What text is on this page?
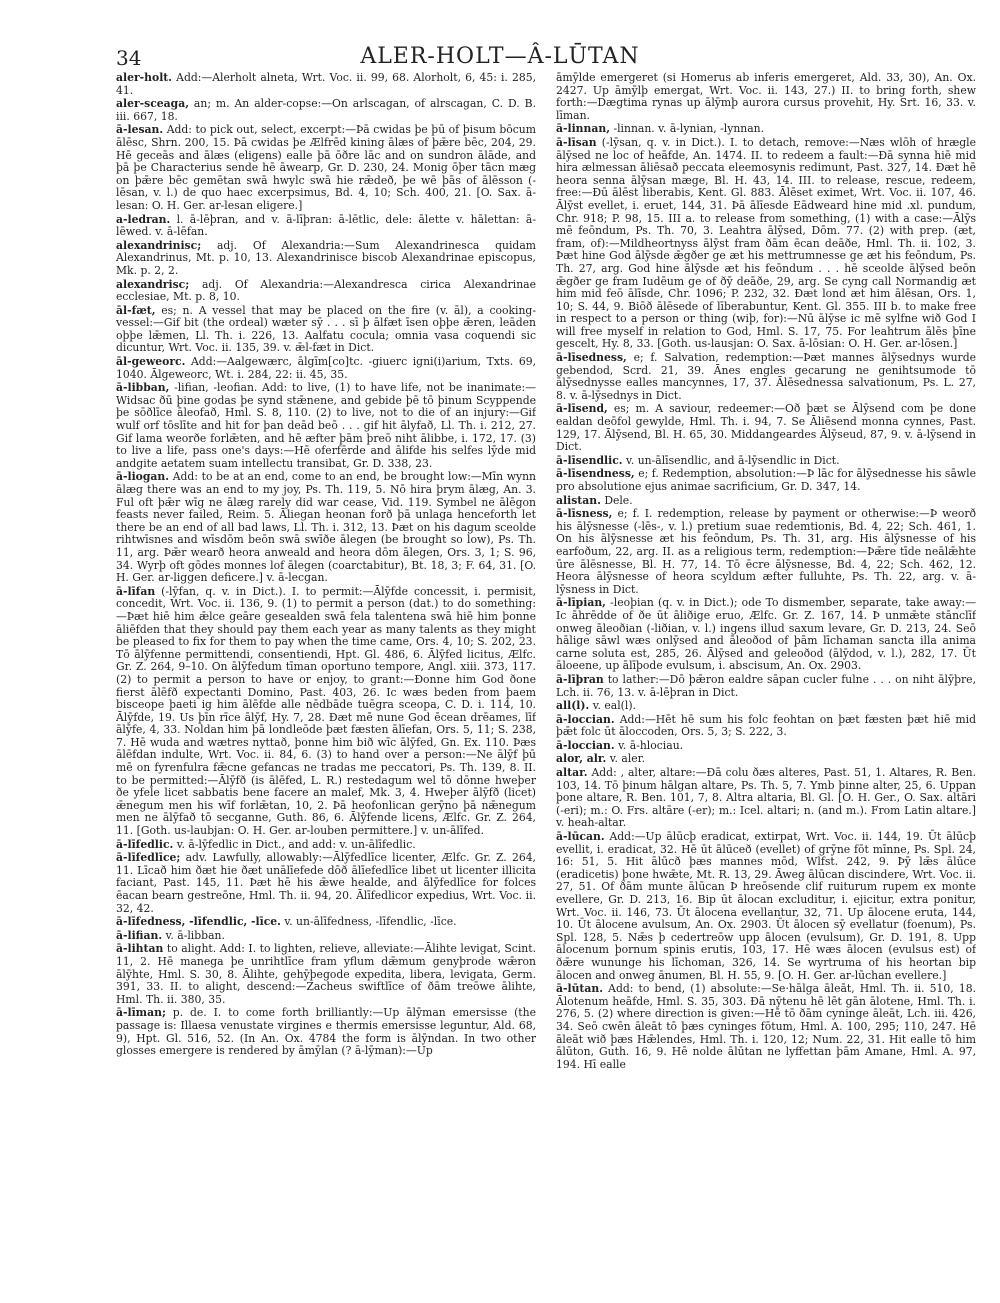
34	ALER-HOLT—Â-LŪTAN

aler-holt. Add:—Alerholt alneta, Wrt. Voc. ii. 99, 68. Alorholt, 6, 45: i. 285, 41.

aler-sceaga, an; m. An alder-copse:—On arlscagan, of alrscagan, C. D. B. iii. 667, 18.

ā-lesan. Add: to pick out, select, excerpt:—Þā cwidas þe þū of þisum bōcum ālēsc, Shrn. 200, 15. Þā cwidas þe Ælfrēd kining ālæs of þǣre bēc, 204, 29. Hē geceās and ālæs (eligens) ealle þā ōðre lāc and on sundron ālāde, and þā þe Characterius sende hē āwearp, Gr. D. 230, 24. Monig ōþer tācn mæg on þǣre bēc gemētan swā hwylc swā hie rǣdeð, þe wē þās of ālēsson (-lēsan, v. l.) de quo haec excerpsimus, Bd. 4, 10; Sch. 400, 21. [O. Sax. ā-lesan: O. H. Ger. ar-lesan eligere.]

a-ledran. l. ā-lēþran, and v. ā-līþran: ā-lētlic, dele: ālette v. hālettan: ā-lēwed. v. ā-lēfan.

alexandrinisc; adj. Of Alexandria:—Sum Alexandrinesca quidam Alexandrinus, Mt. p. 10, 13. Alexandrinisce biscob Alexandrinae episcopus, Mk. p. 2, 2.

alexandrisc; adj. Of Alexandria:—Alexandresca cirica Alexandrinae ecclesiae, Mt. p. 8, 10.

āl-fæt, es; n. A vessel that may be placed on the fire (v. āl), a cooking-vessel:—Gif bit (the ordeal) wæter sȳ . . . sī þ ālfæt īsen oþþe ǣren, leāden oþþe lǣmen, Ll. Th. i. 226, 13. Aalfatu cocula; omnia vasa coquendi sic dicuntur, Wrt. Voc. ii. 135, 39. v. ǣl-fæt in Dict.

āl-geweorc. Add:—Aalgewærc, ālgīm[co]tc. -giuerc igni(i)arium, Txts. 69, 1040. Ālgeweorc, Wt. i. 284, 22: ii. 45, 35.

ā-libban, -lifian, -leofian. Add: to live, (1) to have life, not be inanimate:—Widsac ðū þine godas þe synd stǣnene, and gebide þē tō þinum Scyppende þe sōðlīce āleofað, Hml. S. 8, 110. (2) to live, not to die of an injury:—Gif wulf orf tōslīte and hit for þan deād beō . . . gif hit ālyfað, Ll. Th. i. 212, 27. Gif lama weorðe forlǣten, and hē æfter þām þreō niht ālibbe, i. 172, 17. (3) to live a life, pass one's days:—Hē oferfērde and ālifde his selfes lȳde mid andgite aetatem suam intellectu transibat, Gr. D. 338, 23.

ā-liogan. Add: to be at an end, come to an end, be brought low:—Mīn wynn ālæg there was an end to my joy, Ps. Th. 119, 5. Nō hira þrym ālæg, An. 3. Ful oft þǣr wīg ne ālæg rarely did war cease, Vid. 119. Symbel ne ālēgon feasts never failed, Reim. 5. Āliegan heonan forð þā unlaga henceforth let there be an end of all bad laws, Ll. Th. i. 312, 13. Þæt on his dagum sceolde rihtwīsnes and wīsdōm beōn swā swīðe ālegen (be brought so low), Ps. Th. 11, arg. Þǣr wearð heora anweald and heora dōm ālegen, Ors. 3, 1; S. 96, 34. Wyrþ oft gōdes monnes lof ālegen (coarctabitur), Bt. 18, 3; F. 64, 31. [O. H. Ger. ar-liggen deficere.] v. ā-lecgan.

ā-līfan (-lȳfan, q. v. in Dict.). I. to permit:—Ālȳfde concessit, i. permisit, concedit, Wrt. Voc. ii. 136, 9. (1) to permit a person (dat.) to do something:—Þæt hiē him ǣlce geāre gesealden swā fela talentena swā hiē him þonne āliēfden that they should pay them each year as many talents as they might be pleased to fix for them to pay when the time came, Ors. 4, 10; S. 202, 23. Tō ālȳfenne permittendi, consentiendi, Hpt. Gl. 486, 6. Ālȳfed licitus, Ælfc. Gr. Z. 264, 9–10. On ālȳfedum tīman oportuno tempore, Angl. xiii. 373, 117. (2) to permit a person to have or enjoy, to grant:—Ðonne him God ðone fierst ālēfð expectanti Domino, Past. 403, 26. Ic wæs beden from þaem bisceope þaeti ig him ālēfde alle nēdbāde tuēgra sceopa, C. D. i. 114, 10. Ālȳfde, 19. Us þīn rīce ālȳf, Hy. 7, 28. Ðæt mē nune God ēcean drēames, līf ālȳfe, 4, 33. Noldan him þā londleōde þæt fæsten ālīefan, Ors. 5, 11; S. 238, 7. Hē wuda and wætres nyttað, þonne him bið wīc ālȳfed, Gn. Ex. 110. Þæs ālēfdan indulte, Wrt. Voc. ii. 84, 6. (3) to hand over a person:—Ne ālȳf þū mē on fyrenfulra fǣcne gefancas ne tradas me peccatori, Ps. Th. 139, 8. II. to be permitted:—Ālȳfð (is ālēfed, L. R.) restedagum wel tō dōnne hweþer ðe yfele licet sabbatis bene facere an malef, Mk. 3, 4. Hweþer ālȳfð (licet) ǣnegum men his wīf forlǣtan, 10, 2. Þā heofonlican gerȳno þā nǣnegum men ne ālȳfað tō secganne, Guth. 86, 6. Ālȳfende licens, Ælfc. Gr. Z. 264, 11. [Goth. us-laubjan: O. H. Ger. ar-louben permittere.] v. un-ālīfed.

ā-līfedlic. v. ā-lȳfedlic in Dict., and add: v. un-ālīfedlic.

ā-līfedlīce; adv. Lawfully, allowably:—Ālȳfedlīce licenter, Ælfc. Gr. Z. 264, 11. Līcað him ðæt hie ðæt unālīefede dōð ālīefedlīce libet ut licenter illicita faciant, Past. 145, 11. Þæt hē his ǣwe healde, and ālȳfedlīce for folces ēacan bearn gestreōne, Hml. Th. ii. 94, 20. Ālīfedlicor expedius, Wrt. Voc. ii. 32, 42.

ā-līfedness, -līfendlic, -līce. v. un-ālīfedness, -līfendlic, -līce.

ā-lifian. v. ā-libban.

ā-lihtan to alight. Add: I. to lighten, relieve, alleviate:—Ālihte levigat, Scint. 11, 2. Hē manega þe unrihtlīce fram yflum dǣmum genyþrode wǣron ālȳhte, Hml. S. 30, 8. Ālihte, gehȳþegode expedita, libera, levigata, Germ. 391, 33. II. to alight, descend:—Zacheus swiftlīce of ðām treōwe ālihte, Hml. Th. ii. 380, 35.

ā-līman; p. de. I. to come forth brilliantly:—Up ālȳman emersisse (the passage is: Illaesa venustate virgines e thermis emersisse leguntur, Ald. 68, 9), Hpt. Gl. 516, 52. (In An. Ox. 4784 the form is ālȳndan. In two other glosses emergere is rendered by āmȳlan (? ā-lȳman):—Up

āmȳlde emergeret (si Homerus ab inferis emergeret, Ald. 33, 30), An. Ox. 2427. Up āmȳlþ emergat, Wrt. Voc. ii. 143, 27.) II. to bring forth, shew forth:—Dægtima rynas up ālȳmþ aurora cursus provehit, Hy. Srt. 16, 33. v. līman.

ā-linnan, -linnan. v. ā-lynian, -lynnan.

ā-līsan (-lȳsan, q. v. in Dict.). I. to detach, remove:—Næs wlōh of hrægle ālȳsed ne loc of heāfde, An. 1474. II. to redeem a fault:—Ðā synna hiē mid hira ælmessan āliēsað peccata eleemosynis redimunt, Past. 327, 14. Ðæt hē heora senna ālȳsan mæge, Bl. H. 43, 14. III. to release, rescue, redeem, free:—Ðū ālēst liberabis, Kent. Gl. 883. Ālēset eximet, Wrt. Voc. ii. 107, 46. Ālȳst evellet, i. eruet, 144, 31. Þā ālīesde Eādweard hine mid .xl. pundum, Chr. 918; P. 98, 15. III a. to release from something, (1) with a case:—Ālȳs mē feōndum, Ps. Th. 70, 3. Leahtra ālȳsed, Dōm. 77. (2) with prep. (æt, fram, of):—Mildheortnyss ālȳst fram ðām ēcan deāðe, Hml. Th. ii. 102, 3. Þæt hine God ālȳsde ǣgðer ge æt his mettrumnesse ge æt his feōndum, Ps. Th. 27, arg. God hine ālȳsde æt his feōndum . . . hē sceolde ālȳsed beōn ǣgðer ge fram Iudēum ge of ðȳ deāðe, 29, arg. Se cyng call Normandig æt him mid feō ālīsde, Chr. 1096; P. 232, 32. Ðæt lond æt him ālēsan, Ors. 1, 10; S. 44, 9. Biōð ālēsede of līberabuntur, Kent. Gl. 355. III b. to make free in respect to a person or thing (wiþ, for):—Nū ālȳse ic mē sylfne wið God I will free myself in relation to God, Hml. S. 17, 75. For leahtrum ālēs þīne gescelt, Hy. 8, 33. [Goth. us-lausjan: O. Sax. ā-lōsian: O. H. Ger. ar-lōsen.]

ā-līsedness, e; f. Salvation, redemption:—Þæt mannes ālȳsednys wurde gebendod, Scrd. 21, 39. Ānes engles gecarung ne genihtsumode tō ālȳsednysse ealles mancynnes, 17, 37. Ālēsednessa salvationum, Ps. L. 27, 8. v. ā-lȳsednys in Dict.

ā-līsend, es; m. A saviour, redeemer:—Oð þæt se Ālȳsend com þe done ealdan deōfol gewylde, Hml. Th. i. 94, 7. Se Āliēsend monna cynnes, Past. 129, 17. Ālȳsend, Bl. H. 65, 30. Middangeardes Ālȳseud, 87, 9. v. ā-lȳsend in Dict.

ā-līsendlic. v. un-ālīsendlic, and ā-lȳsendlic in Dict.

ā-līsendness, e; f. Redemption, absolution:—Þ lāc for ālȳsednesse his sāwle pro absolutione ejus animae sacrificium, Gr. D. 347, 14.

alistan. Dele.

ā-līsness, e; f. I. redemption, release by payment or otherwise:—Þ weorð his ālȳsnesse (-lēs-, v. l.) pretium suae redemtionis, Bd. 4, 22; Sch. 461, 1. On his ālȳsnesse æt his feōndum, Ps. Th. 31, arg. His ālȳsnesse of his earfoðum, 22, arg. II. as a religious term, redemption:—Þǣre tīde neālǣhte ūre ālēsnesse, Bl. H. 77, 14. Tō ēcre ālȳsnesse, Bd. 4, 22; Sch. 462, 12. Heora ālȳsnesse of heora scyldum æfter fulluhte, Ps. Th. 22, arg. v. ā-lȳsness in Dict.

ā-līpian, -leoþian (q. v. in Dict.); ode To dismember, separate, take away:—Ic āhrēdde of ðe ūt āliðige eruo, Ælfc. Gr. Z. 167, 14. Þ unmǣte stānclīf onweg āleoðian (-liðian, v. l.) ingens illud saxum levare, Gr. D. 213, 24. Seō hālige sāwl wæs onlȳsed and āleoðod of þām līchaman sancta illa anima carne soluta est, 285, 26. Ālȳsed and geleoðod (ālȳdod, v. l.), 282, 17. Ūt āloeene, up ālīþode evulsum, i. abscisum, An. Ox. 2903.

ā-līþran to lather:—Dō þǣron ealdre sāpan cucler fulne . . . on niht ālȳþre, Lch. ii. 76, 13. v. ā-lēþran in Dict.

all(l). v. eal(l).

ā-loccian. Add:—Hēt hē sum his folc feohtan on þæt fæsten þæt hiē mid þǣt folc ūt āloccoden, Ors. 5, 3; S. 222, 3.

ā-loccian. v. ā-hlociau.

alor, alr. v. aler.

altar. Add: , alter, altare:—Ðā colu ðæs alteres, Past. 51, 1. Altares, R. Ben. 103, 14. Tō þinum hālgan altare, Ps. Th. 5, 7. Ymb þinne alter, 25, 6. Uppan þone altare, R. Ben. 101, 7, 8. Altra altaria, Bl. Gl. [O. H. Ger., O. Sax. altāri (-eri); m.: O. Frs. altāre (-er); m.: Icel. altari; n. (and m.). From Latin altare.] v. heah-altar.

ā-lūcan. Add:—Up ālūcþ eradicat, extirpat, Wrt. Voc. ii. 144, 19. Ūt ālūcþ evellit, i. eradicat, 32. Hē ūt ālūceð (evellet) of grȳne fōt mīnne, Ps. Spl. 24, 16: 51, 5. Hit ālūcð þæs mannes mōd, Wlfst. 242, 9. Þȳ lǣs ālūce (eradicetis) þone hwǣte, Mt. R. 13, 29. Āweg ālūcan discindere, Wrt. Voc. ii. 27, 51. Of ðām munte ālūcan Þ hreōsende clif ruiturum rupem ex monte evellere, Gr. D. 213, 16. Bip ūt ālocan excluditur, i. ejicitur, extra ponitur, Wrt. Voc. ii. 146, 73. Ūt ālocena evellantur, 32, 71. Up ālocene eruta, 144, 10. Ūt ālocene avulsum, An. Ox. 2903. Ūt ālocen sȳ evellatur (foenum), Ps. Spl. 128, 5. Nǣs þ cedertreōw upp ālocen (evulsum), Gr. D. 191, 8. Upp ālocenum þornum spinis erutis, 103, 17. Hē wæs ālocen (evulsus est) of ðǣre wununge his līchoman, 326, 14. Se wyrtruma of his heortan bip ālocen and onweg ānumen, Bl. H. 55, 9. [O. H. Ger. ar-lūchan evellere.]

ā-lūtan. Add: to bend, (1) absolute:—Se·hālga āleāt, Hml. Th. ii. 510, 18. Ālotenum heāfde, Hml. S. 35, 303. Ðā nȳtenu hē lēt gān ālotene, Hml. Th. i. 276, 5. (2) where direction is given:—Hē tō ðām cyninge āleāt, Lch. iii. 426, 34. Seō cwēn āleāt tō þæs cyninges fōtum, Hml. A. 100, 295; 110, 247. Hē āleāt wið þæs Hǣlendes, Hml. Th. i. 120, 12; Num. 22, 31. Hit ealle tō him ālūton, Guth. 16, 9. Hē nolde ālūtan ne lyffettan þām Amane, Hml. A. 97, 194. Hī ealle
